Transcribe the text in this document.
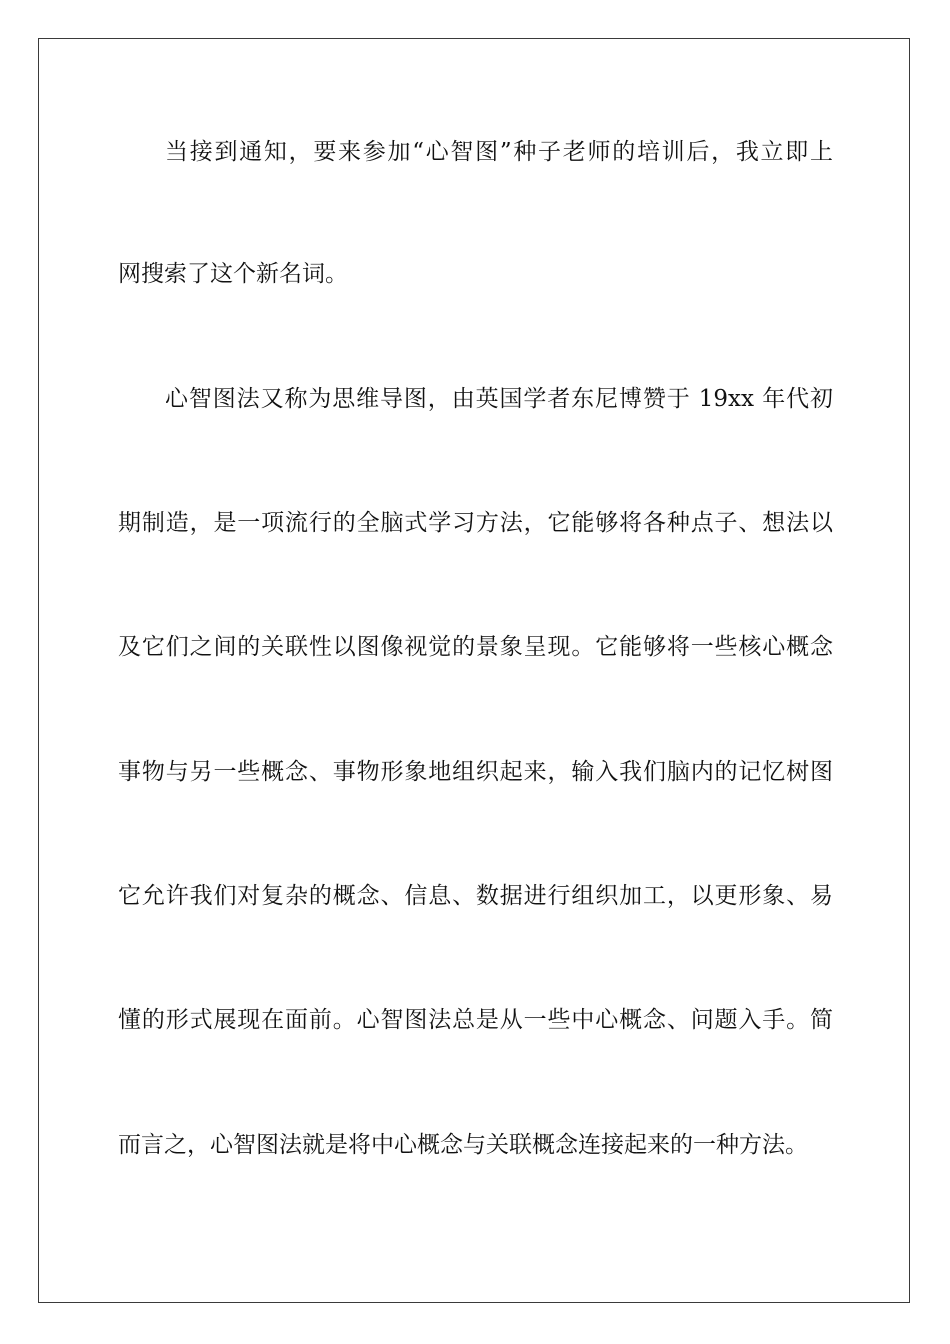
当接到通知，要来参加“心智图”种子老师的培训后，我立即上
网搜索了这个新名词。
心智图法又称为思维导图，由英国学者东尼博赞于 19xx 年代初
期制造，是一项流行的全脑式学习方法，它能够将各种点子、想法以
及它们之间的关联性以图像视觉的景象呈现。它能够将一些核心概念
事物与另一些概念、事物形象地组织起来，输入我们脑内的记忆树图
它允许我们对复杂的概念、信息、数据进行组织加工，以更形象、易
懂的形式展现在面前。心智图法总是从一些中心概念、问题入手。简
而言之，心智图法就是将中心概念与关联概念连接起来的一种方法。
